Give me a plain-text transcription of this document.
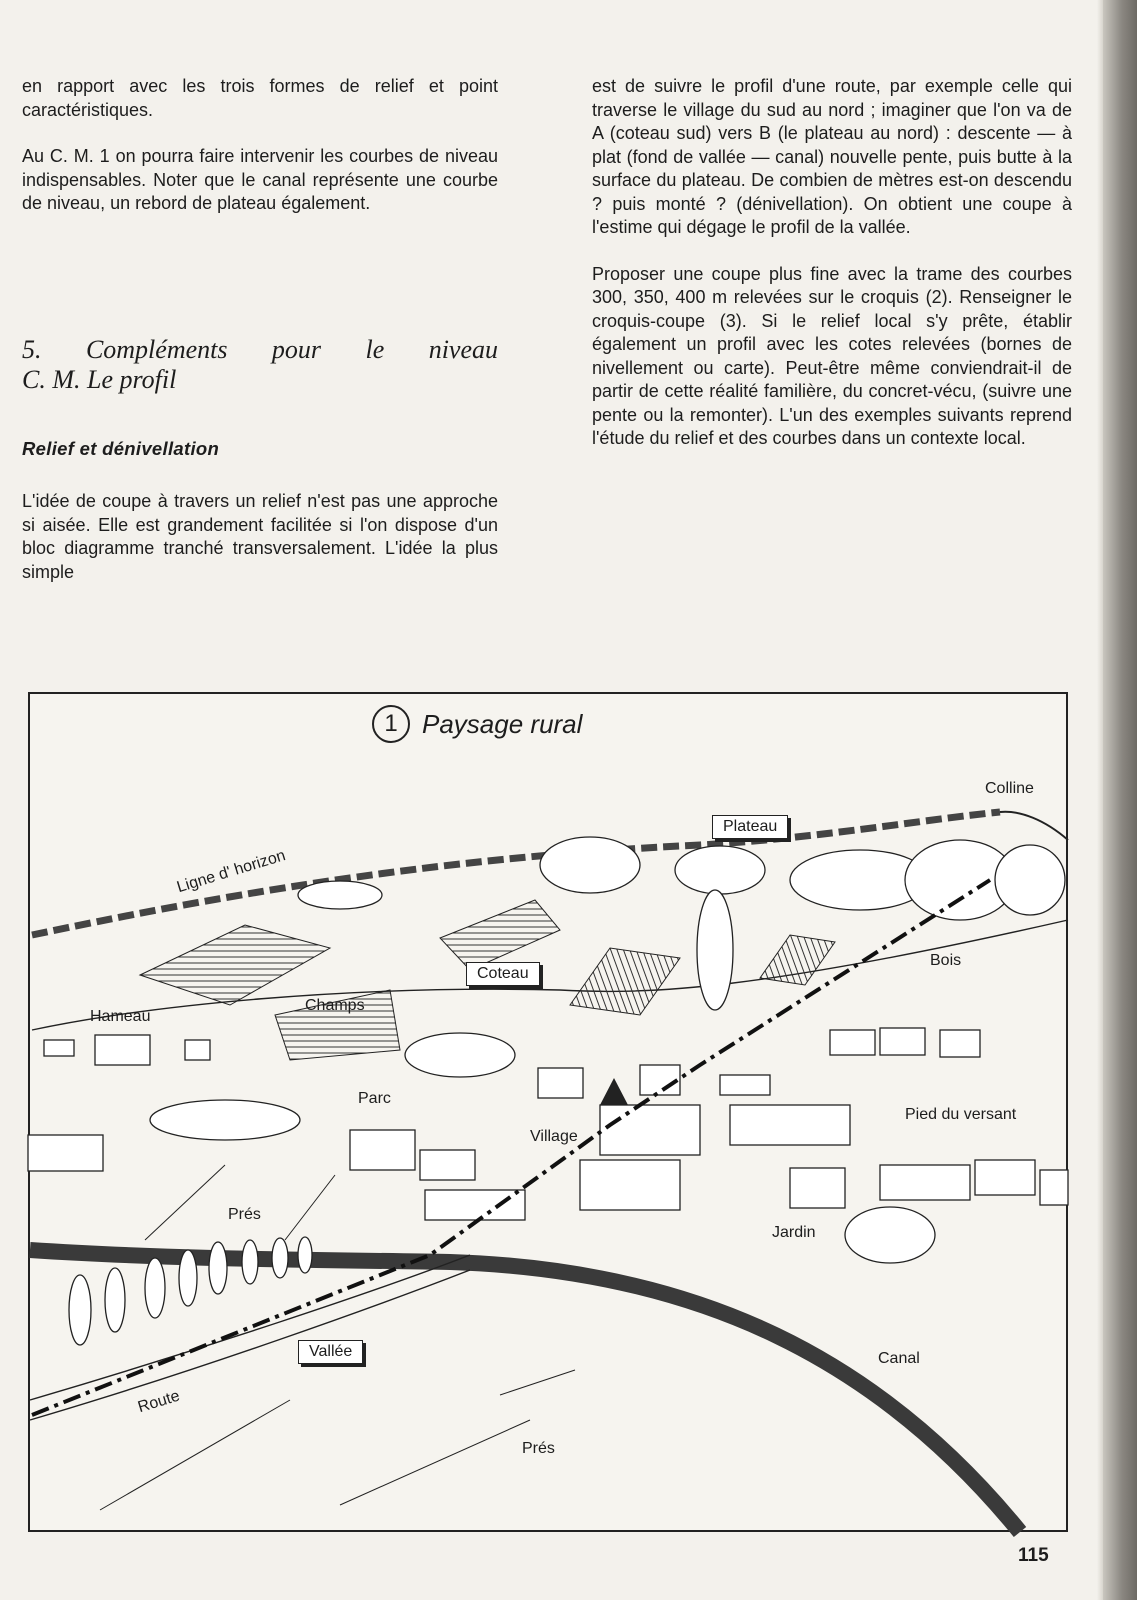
en rapport avec les trois formes de relief et point caractéristiques.

Au C. M. 1 on pourra faire intervenir les courbes de niveau indispensables. Noter que le canal représente une courbe de niveau, un rebord de plateau également.

5. Compléments pour le niveau
C. M. Le profil
Relief et dénivellation

L'idée de coupe à travers un relief n'est pas une approche si aisée. Elle est grandement facilitée si l'on dispose d'un bloc diagramme tranché transversalement. L'idée la plus simple

est de suivre le profil d'une route, par exemple celle qui traverse le village du sud au nord ; imaginer que l'on va de A (coteau sud) vers B (le plateau au nord) : descente — à plat (fond de vallée — canal) nouvelle pente, puis butte à la surface du plateau. De combien de mètres est-on descendu ? puis monté ? (dénivellation). On obtient une coupe à l'estime qui dégage le profil de la vallée.

Proposer une coupe plus fine avec la trame des courbes 300, 350, 400 m relevées sur le croquis (2). Renseigner le croquis-coupe (3). Si le relief local s'y prête, établir également un profil avec les cotes relevées (bornes de nivellement ou carte). Peut-être même conviendrait-il de partir de cette réalité familière, du concret-vécu, (suivre une pente ou la remonter). L'un des exemples suivants reprend l'étude du relief et des courbes dans un contexte local.

1 Paysage rural
Colline
Plateau
Ligne d' horizon
Coteau
Bois
Hameau
Champs
Parc
Village
Pied du versant
Prés
Jardin
Vallée	Canal
Route
Prés
115
